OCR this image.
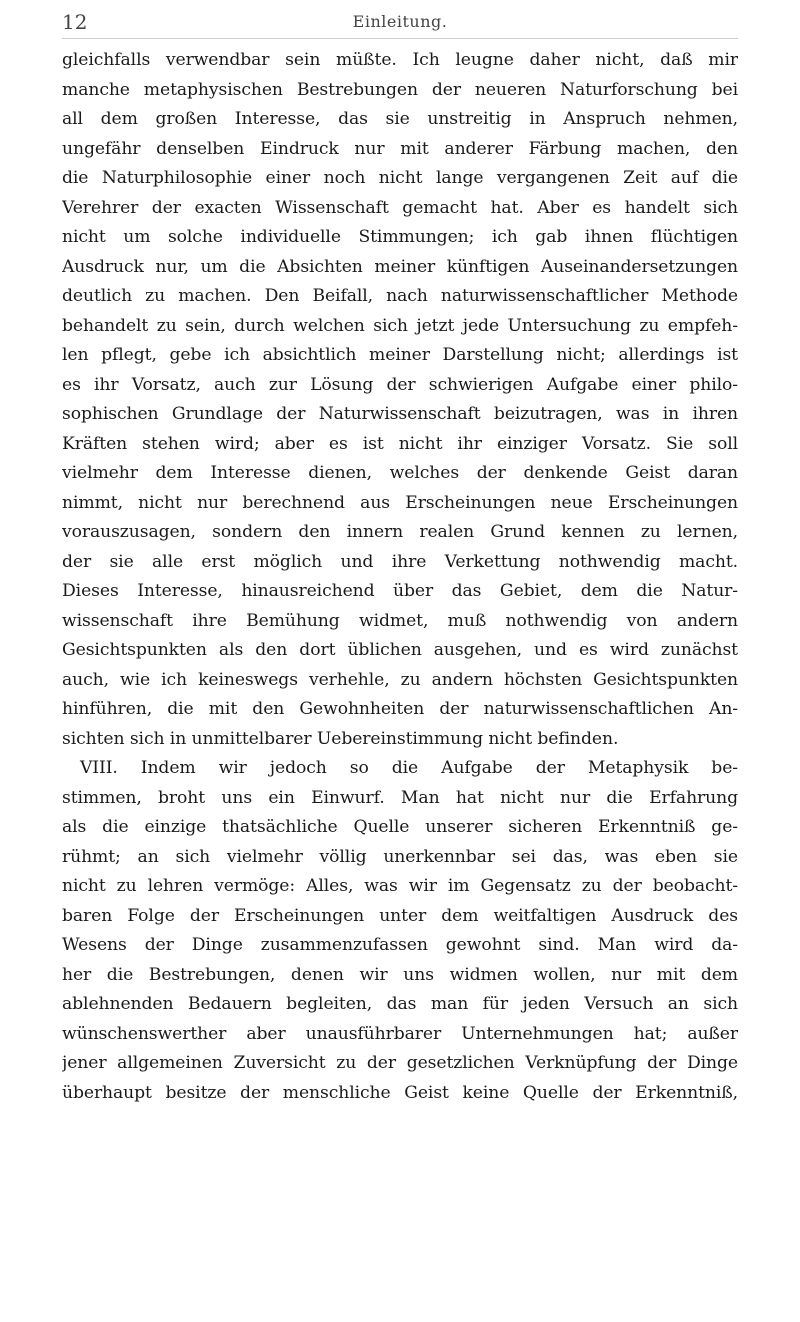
12	Einleitung.
gleichfalls verwendbar sein müßte. Ich leugne daher nicht, daß mir
manche metaphysischen Bestrebungen der neueren Naturforschung bei
all dem großen Interesse, das sie unstreitig in Anspruch nehmen,
ungefähr denselben Eindruck nur mit anderer Färbung machen, den
die Naturphilosophie einer noch nicht lange vergangenen Zeit auf die
Verehrer der exacten Wissenschaft gemacht hat. Aber es handelt sich
nicht um solche individuelle Stimmungen; ich gab ihnen flüchtigen
Ausdruck nur, um die Absichten meiner künftigen Auseinandersetzungen
deutlich zu machen. Den Beifall, nach naturwissenschaftlicher Methode
behandelt zu sein, durch welchen sich jetzt jede Untersuchung zu empfeh-
len pflegt, gebe ich absichtlich meiner Darstellung nicht; allerdings ist
es ihr Vorsatz, auch zur Lösung der schwierigen Aufgabe einer philo-
sophischen Grundlage der Naturwissenschaft beizutragen, was in ihren
Kräften stehen wird; aber es ist nicht ihr einziger Vorsatz. Sie soll
vielmehr dem Interesse dienen, welches der denkende Geist daran
nimmt, nicht nur berechnend aus Erscheinungen neue Erscheinungen
vorauszusagen, sondern den innern realen Grund kennen zu lernen,
der sie alle erst möglich und ihre Verkettung nothwendig macht.
Dieses Interesse, hinausreichend über das Gebiet, dem die Natur-
wissenschaft ihre Bemühung widmet, muß nothwendig von andern
Gesichtspunkten als den dort üblichen ausgehen, und es wird zunächst
auch, wie ich keineswegs verhehle, zu andern höchsten Gesichtspunkten
hinführen, die mit den Gewohnheiten der naturwissenschaftlichen An-
sichten sich in unmittelbarer Uebereinstimmung nicht befinden.
VIII. Indem wir jedoch so die Aufgabe der Metaphysik be-
stimmen, broht uns ein Einwurf. Man hat nicht nur die Erfahrung
als die einzige thatsächliche Quelle unserer sicheren Erkenntniß ge-
rühmt; an sich vielmehr völlig unerkennbar sei das, was eben sie
nicht zu lehren vermöge: Alles, was wir im Gegensatz zu der beobacht-
baren Folge der Erscheinungen unter dem weitfaltigen Ausdruck des
Wesens der Dinge zusammenzufassen gewohnt sind. Man wird da-
her die Bestrebungen, denen wir uns widmen wollen, nur mit dem
ablehnenden Bedauern begleiten, das man für jeden Versuch an sich
wünschenswerther aber unausführbarer Unternehmungen hat; außer
jener allgemeinen Zuversicht zu der gesetzlichen Verknüpfung der Dinge
überhaupt besitze der menschliche Geist keine Quelle der Erkenntniß,
